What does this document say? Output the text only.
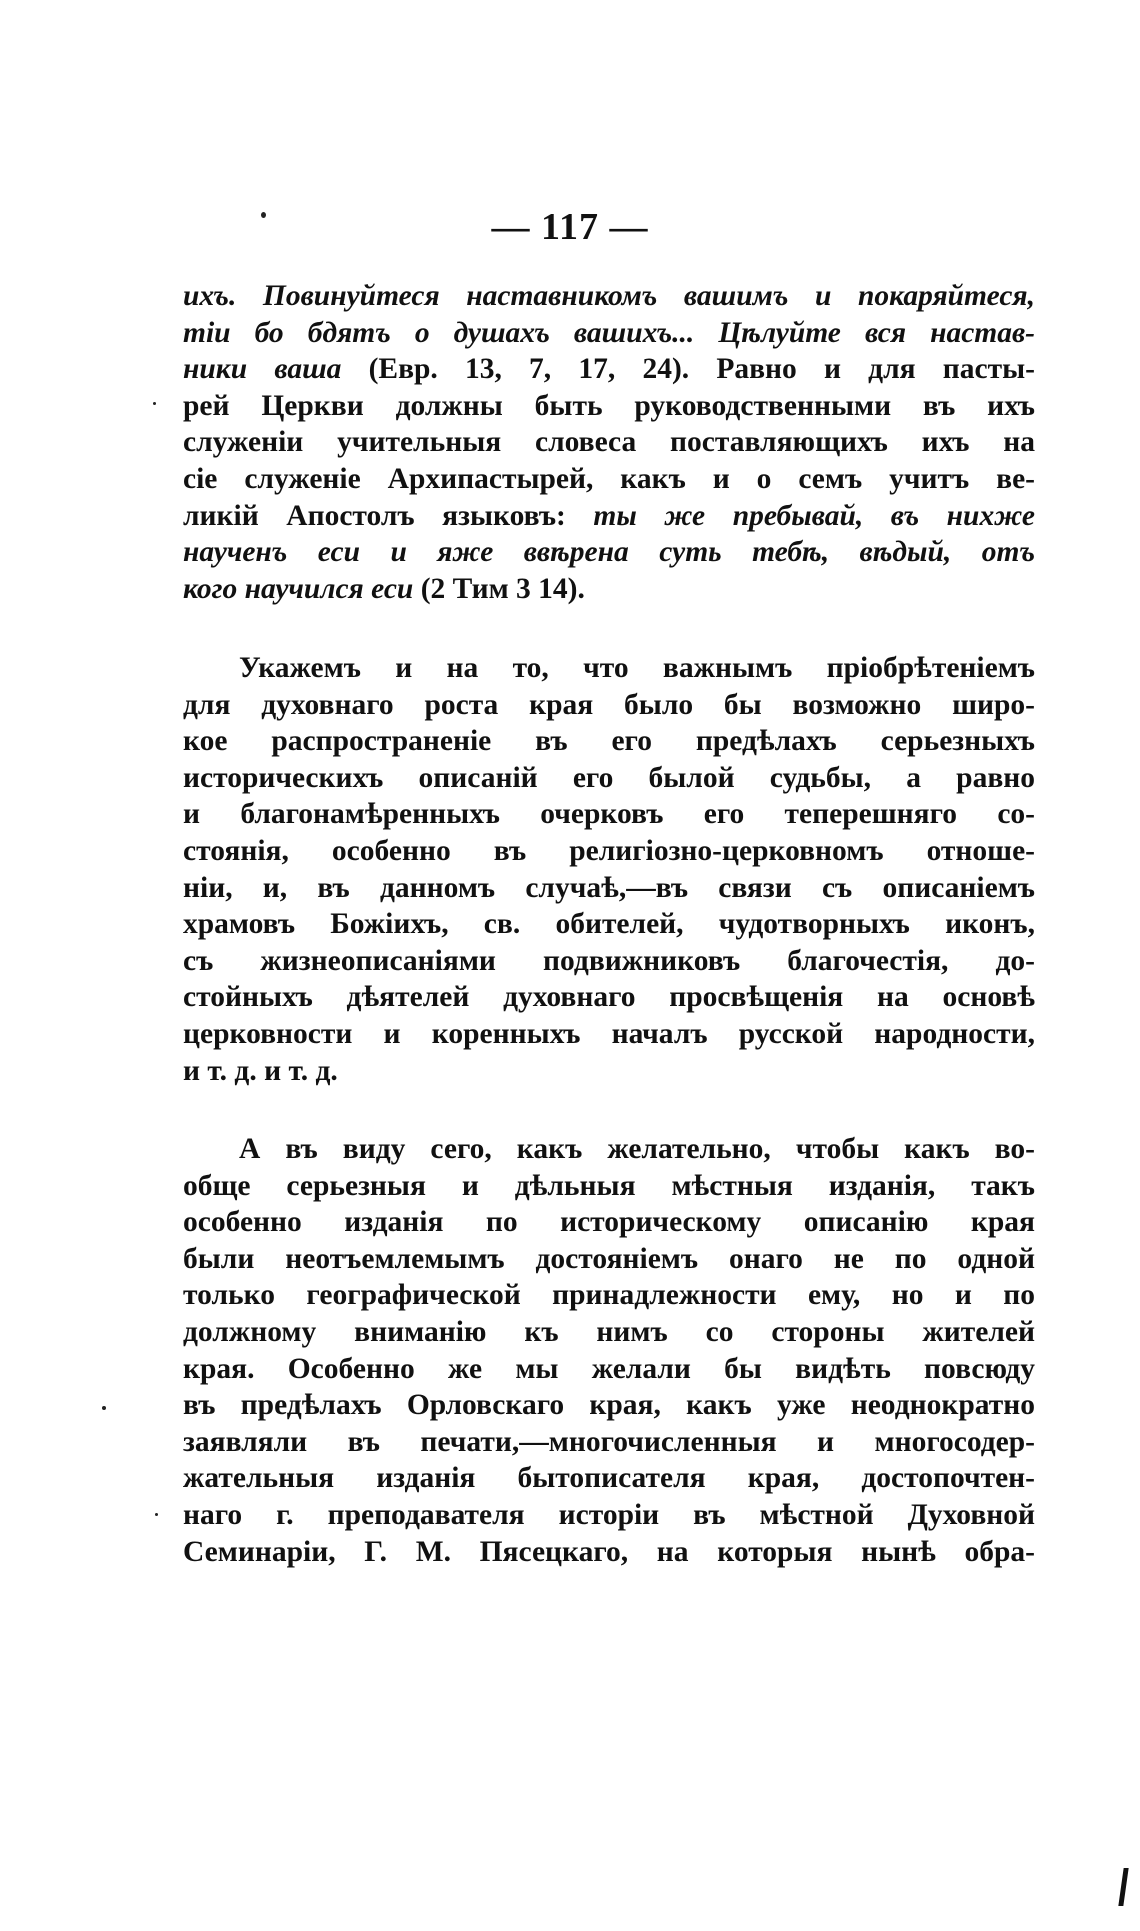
— 117 —
ихъ. Повинуйтеся наставникомъ вашимъ и покаряйтеся,
тіи бо бдятъ о душахъ вашихъ... Цѣлуйте вся настав-
ники ваша (Евр. 13, 7, 17, 24). Равно и для пасты-
рей Церкви должны быть руководственными въ ихъ
служеніи учительныя словеса поставляющихъ ихъ на
сіе служеніе Архипастырей, какъ и о семъ учитъ ве-
ликій Апостолъ языковъ: ты же пребывай, въ нихже
наученъ еси и яже ввѣрена суть тебѣ, вѣдый, отъ
кого научился еси (2 Тим 3 14).
Укажемъ и на то, что важнымъ пріобрѣтеніемъ
для духовнаго роста края было бы возможно широ-
кое распространеніе въ его предѣлахъ серьезныхъ
историческихъ описаній его былой судьбы, а равно
и благонамѣренныхъ очерковъ его теперешняго со-
стоянія, особенно въ религіозно-церковномъ отноше-
ніи, и, въ данномъ случаѣ,—въ связи съ описаніемъ
храмовъ Божіихъ, св. обителей, чудотворныхъ иконъ,
съ жизнеописаніями подвижниковъ благочестія, до-
стойныхъ дѣятелей духовнаго просвѣщенія на основѣ
церковности и коренныхъ началъ русской народности,
и т. д. и т. д.
А въ виду сего, какъ желательно, чтобы какъ во-
обще серьезныя и дѣльныя мѣстныя изданія, такъ
особенно изданія по историческому описанію края
были неотъемлемымъ достояніемъ онаго не по одной
только географической принадлежности ему, но и по
должному вниманію къ нимъ со стороны жителей
края. Особенно же мы желали бы видѣть повсюду
въ предѣлахъ Орловскаго края, какъ уже неоднократно
заявляли въ печати,—многочисленныя и многосодер-
жательныя изданія бытописателя края, достопочтен-
наго г. преподавателя исторіи въ мѣстной Духовной
Семинаріи, Г. М. Пясецкаго, на которыя нынѣ обра-
